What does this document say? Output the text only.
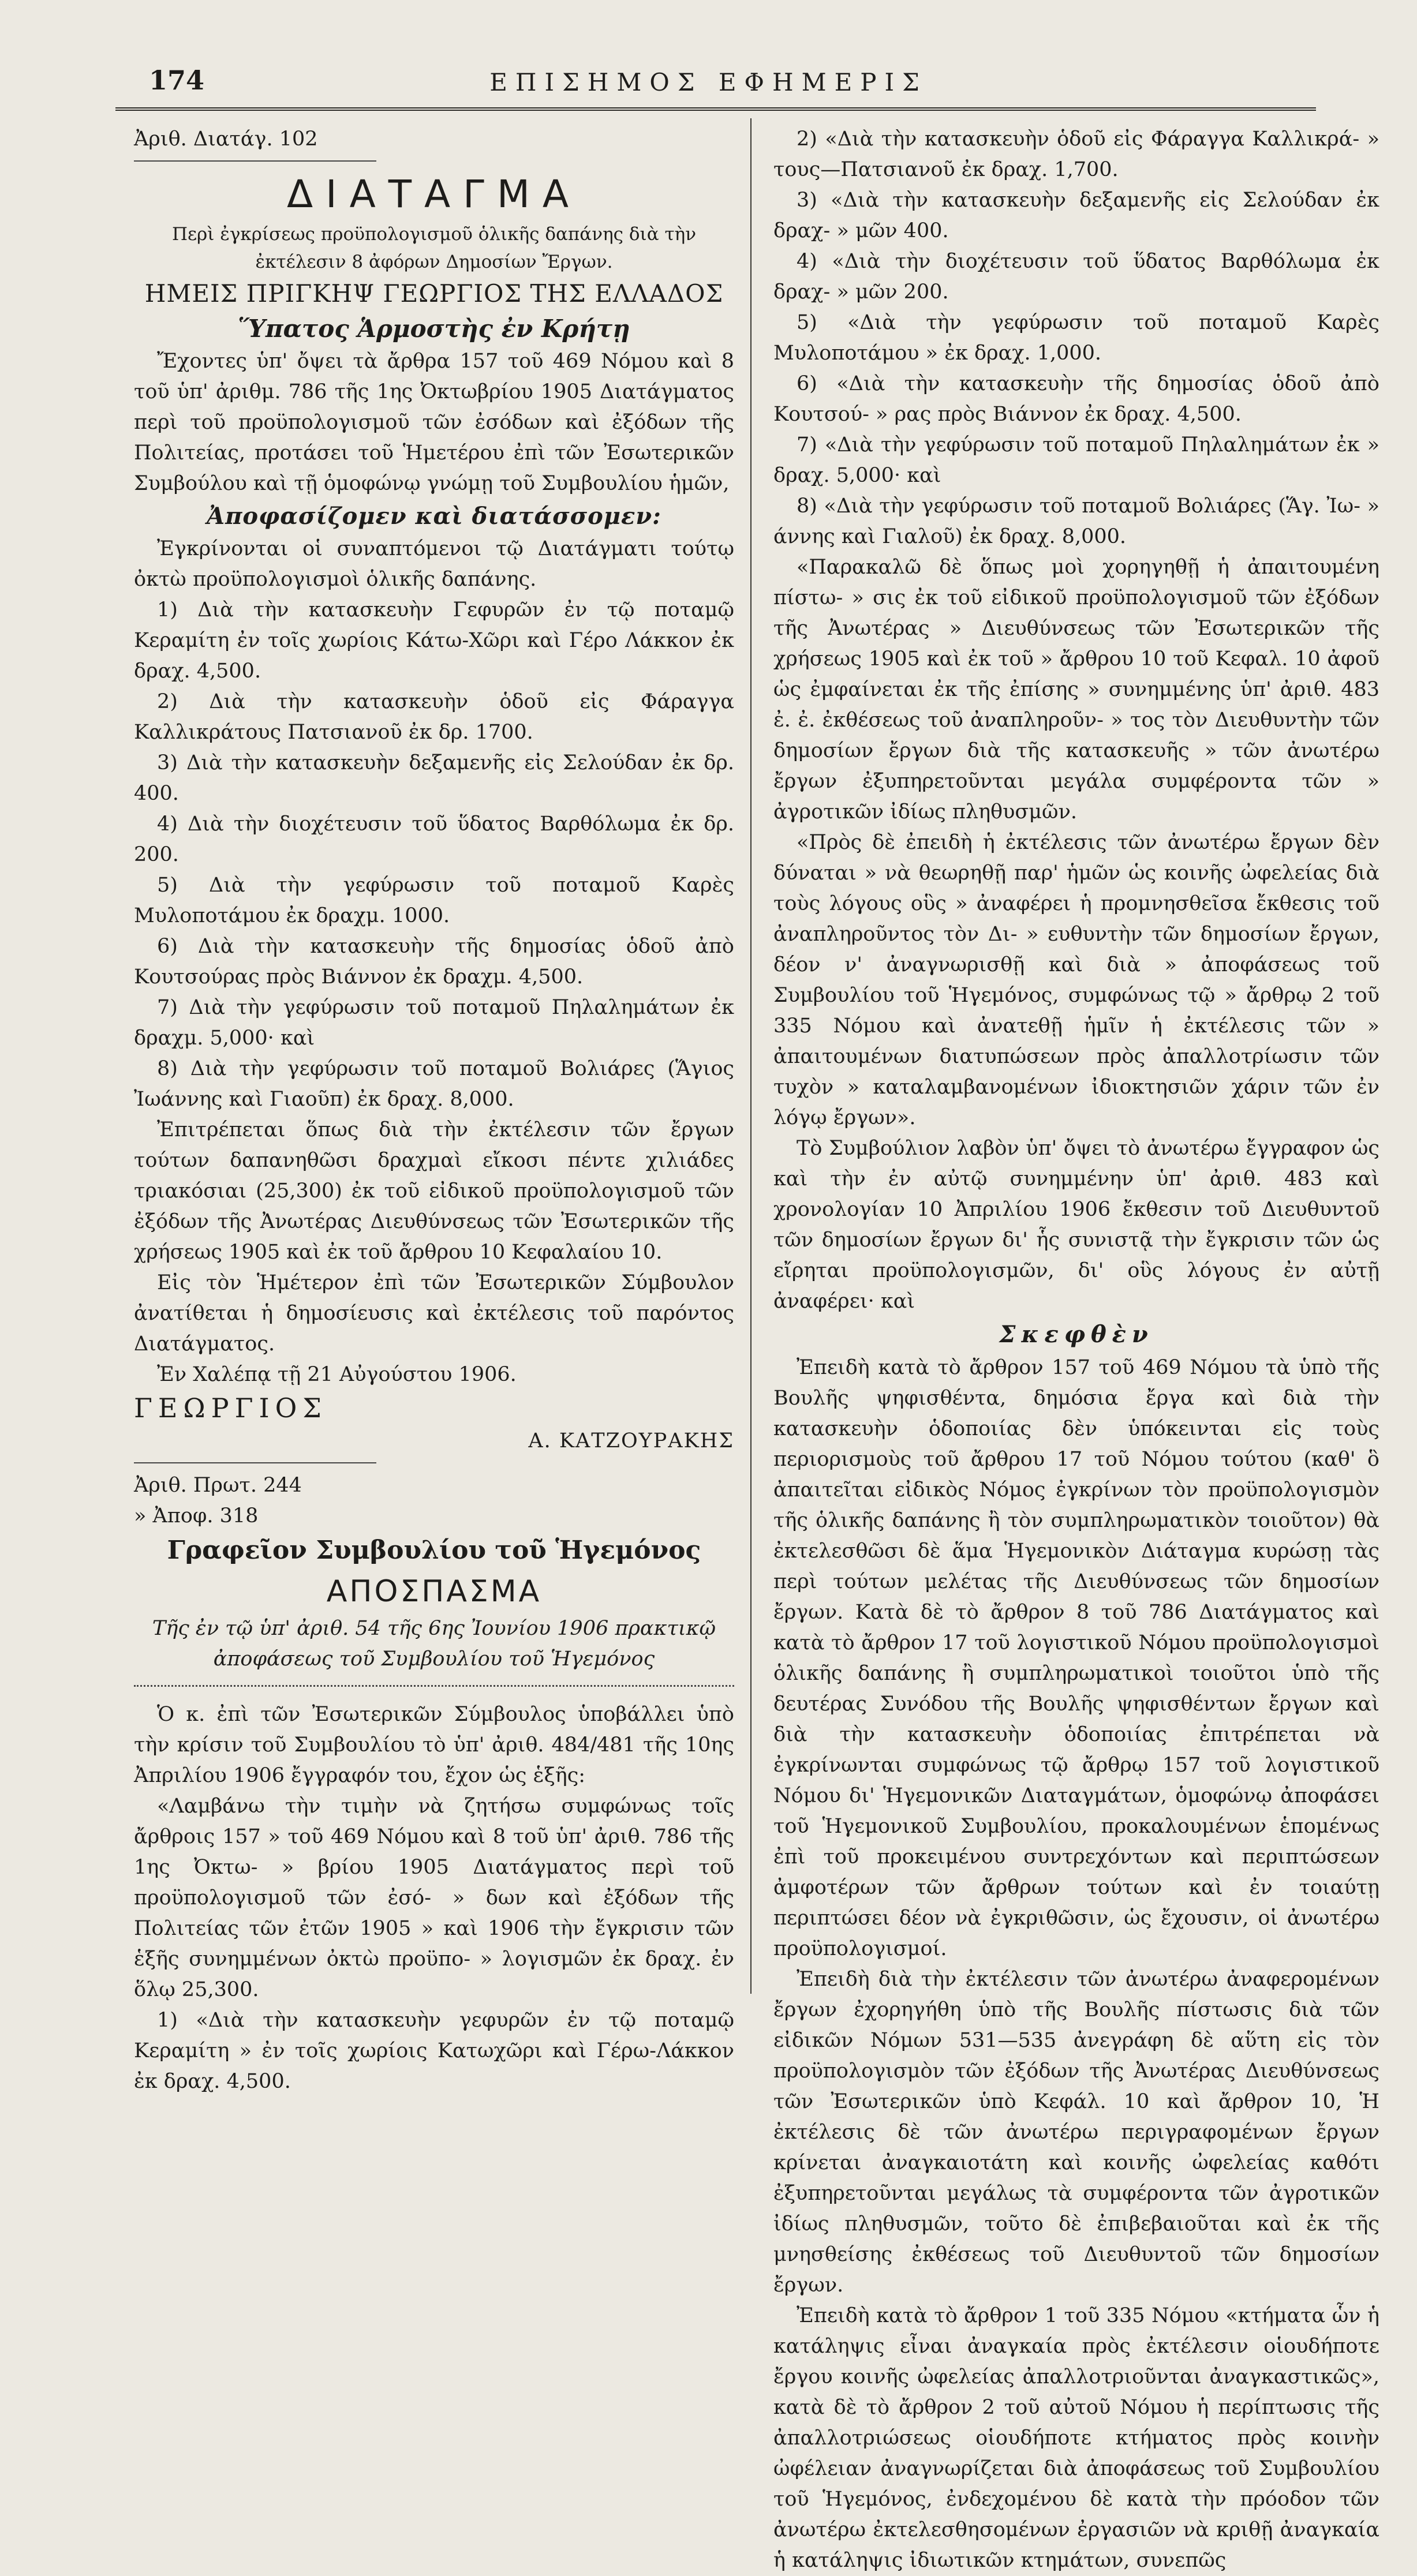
174	ΕΠΙΣΗΜΟΣ ΕΦΗΜΕΡΙΣ

Ἀριθ. Διατάγ. 102

ΔΙΑΤΑΓΜΑ

Περὶ ἐγκρίσεως προϋπολογισμοῦ ὁλικῆς δαπάνης διὰ τὴν ἐκτέλεσιν 8 ἀφόρων Δημοσίων Ἔργων.

ΗΜΕΙΣ ΠΡΙΓΚΗΨ ΓΕΩΡΓΙΟΣ ΤΗΣ ΕΛΛΑΔΟΣ

Ὕπατος Ἁρμοστὴς ἐν Κρήτῃ

Ἔχοντες ὑπ' ὄψει τὰ ἄρθρα 157 τοῦ 469 Νόμου καὶ 8 τοῦ ὑπ' ἀριθμ. 786 τῆς 1ης Ὀκτωβρίου 1905 Διατάγματος περὶ τοῦ προϋπολογισμοῦ τῶν ἐσόδων καὶ ἐξόδων τῆς Πολιτείας, προτάσει τοῦ Ἡμετέρου ἐπὶ τῶν Ἐσωτερικῶν Συμβούλου καὶ τῇ ὁμοφώνῳ γνώμῃ τοῦ Συμβουλίου ἡμῶν,

Ἀποφασίζομεν καὶ διατάσσομεν:

Ἐγκρίνονται οἱ συναπτόμενοι τῷ Διατάγματι τούτῳ ὀκτὼ προϋπολογισμοὶ ὁλικῆς δαπάνης.

1) Διὰ τὴν κατασκευὴν Γεφυρῶν ἐν τῷ ποταμῷ Κεραμίτη ἐν τοῖς χωρίοις Κάτω-Χῶρι καὶ Γέρο Λάκκον ἐκ δραχ. 4,500.

2) Διὰ τὴν κατασκευὴν ὁδοῦ εἰς Φάραγγα Καλλικράτους Πατσιανοῦ ἐκ δρ. 1700.

3) Διὰ τὴν κατασκευὴν δεξαμενῆς εἰς Σελούδαν ἐκ δρ. 400.

4) Διὰ τὴν διοχέτευσιν τοῦ ὕδατος Βαρθόλωμα ἐκ δρ. 200.

5) Διὰ τὴν γεφύρωσιν τοῦ ποταμοῦ Καρὲς Μυλοποτάμου ἐκ δραχμ. 1000.

6) Διὰ τὴν κατασκευὴν τῆς δημοσίας ὁδοῦ ἀπὸ Κουτσούρας πρὸς Βιάννον ἐκ δραχμ. 4,500.

7) Διὰ τὴν γεφύρωσιν τοῦ ποταμοῦ Πηλαλημάτων ἐκ δραχμ. 5,000· καὶ

8) Διὰ τὴν γεφύρωσιν τοῦ ποταμοῦ Βολιάρες (Ἅγιος Ἰωάννης καὶ Γιαοῦπ) ἐκ δραχ. 8,000.

Ἐπιτρέπεται ὅπως διὰ τὴν ἐκτέλεσιν τῶν ἔργων τούτων δαπανηθῶσι δραχμαὶ εἴκοσι πέντε χιλιάδες τριακόσιαι (25,300) ἐκ τοῦ εἰδικοῦ προϋπολογισμοῦ τῶν ἐξόδων τῆς Ἀνωτέρας Διευθύνσεως τῶν Ἐσωτερικῶν τῆς χρήσεως 1905 καὶ ἐκ τοῦ ἄρθρου 10 Κεφαλαίου 10.

Εἰς τὸν Ἡμέτερον ἐπὶ τῶν Ἐσωτερικῶν Σύμβουλον ἀνατίθεται ἡ δημοσίευσις καὶ ἐκτέλεσις τοῦ παρόντος Διατάγματος.

Ἐν Χαλέπᾳ τῇ 21 Αὐγούστου 1906.

ΓΕΩΡΓΙΟΣ

Α. ΚΑΤΖΟΥΡΑΚΗΣ

Ἀριθ. Πρωτ. 244

» Ἀποφ. 318

Γραφεῖον Συμβουλίου τοῦ Ἡγεμόνος

ΑΠΟΣΠΑΣΜΑ

Τῆς ἐν τῷ ὑπ' ἀριθ. 54 τῆς 6ης Ἰουνίου 1906 πρακτικῷ ἀποφάσεως τοῦ Συμβουλίου τοῦ Ἡγεμόνος

Ὁ κ. ἐπὶ τῶν Ἐσωτερικῶν Σύμβουλος ὑποβάλλει ὑπὸ τὴν κρίσιν τοῦ Συμβουλίου τὸ ὑπ' ἀριθ. 484/481 τῆς 10ης Ἀπριλίου 1906 ἔγγραφόν του, ἔχον ὡς ἑξῆς:

«Λαμβάνω τὴν τιμὴν νὰ ζητήσω συμφώνως τοῖς ἄρθροις 157 » τοῦ 469 Νόμου καὶ 8 τοῦ ὑπ' ἀριθ. 786 τῆς 1ης Ὀκτω- » βρίου 1905 Διατάγματος περὶ τοῦ προϋπολογισμοῦ τῶν ἐσό- » δων καὶ ἐξόδων τῆς Πολιτείας τῶν ἐτῶν 1905 » καὶ 1906 τὴν ἔγκρισιν τῶν ἑξῆς συνημμένων ὀκτὼ προϋπο- » λογισμῶν ἐκ δραχ. ἐν ὅλῳ 25,300.

1) «Διὰ τὴν κατασκευὴν γεφυρῶν ἐν τῷ ποταμῷ Κεραμίτη » ἐν τοῖς χωρίοις Κατωχῶρι καὶ Γέρω-Λάκκον ἐκ δραχ. 4,500.

2) «Διὰ τὴν κατασκευὴν ὁδοῦ εἰς Φάραγγα Καλλικρά- » τους—Πατσιανοῦ ἐκ δραχ. 1,700.

3) «Διὰ τὴν κατασκευὴν δεξαμενῆς εἰς Σελούδαν ἐκ δραχ- » μῶν 400.

4) «Διὰ τὴν διοχέτευσιν τοῦ ὕδατος Βαρθόλωμα ἐκ δραχ- » μῶν 200.

5) «Διὰ τὴν γεφύρωσιν τοῦ ποταμοῦ Καρὲς Μυλοποτάμου » ἐκ δραχ. 1,000.

6) «Διὰ τὴν κατασκευὴν τῆς δημοσίας ὁδοῦ ἀπὸ Κουτσού- » ρας πρὸς Βιάννον ἐκ δραχ. 4,500.

7) «Διὰ τὴν γεφύρωσιν τοῦ ποταμοῦ Πηλαλημάτων ἐκ » δραχ. 5,000· καὶ

8) «Διὰ τὴν γεφύρωσιν τοῦ ποταμοῦ Βολιάρες (Ἅγ. Ἰω- » άννης καὶ Γιαλοῦ) ἐκ δραχ. 8,000.

«Παρακαλῶ δὲ ὅπως μοὶ χορηγηθῇ ἡ ἀπαιτουμένη πίστω- » σις ἐκ τοῦ εἰδικοῦ προϋπολογισμοῦ τῶν ἐξόδων τῆς Ἀνωτέρας » Διευθύνσεως τῶν Ἐσωτερικῶν τῆς χρήσεως 1905 καὶ ἐκ τοῦ » ἄρθρου 10 τοῦ Κεφαλ. 10 ἀφοῦ ὡς ἐμφαίνεται ἐκ τῆς ἐπίσης » συνημμένης ὑπ' ἀριθ. 483 ἐ. ἐ. ἐκθέσεως τοῦ ἀναπληροῦν- » τος τὸν Διευθυντὴν τῶν δημοσίων ἔργων διὰ τῆς κατασκευῆς » τῶν ἀνωτέρω ἔργων ἐξυπηρετοῦνται μεγάλα συμφέροντα τῶν » ἀγροτικῶν ἰδίως πληθυσμῶν.

«Πρὸς δὲ ἐπειδὴ ἡ ἐκτέλεσις τῶν ἀνωτέρω ἔργων δὲν δύναται » νὰ θεωρηθῇ παρ' ἡμῶν ὡς κοινῆς ὠφελείας διὰ τοὺς λόγους οὓς » ἀναφέρει ἡ προμνησθεῖσα ἔκθεσις τοῦ ἀναπληροῦντος τὸν Δι- » ευθυντὴν τῶν δημοσίων ἔργων, δέον ν' ἀναγνωρισθῇ καὶ διὰ » ἀποφάσεως τοῦ Συμβουλίου τοῦ Ἡγεμόνος, συμφώνως τῷ » ἄρθρῳ 2 τοῦ 335 Νόμου καὶ ἀνατεθῇ ἡμῖν ἡ ἐκτέλεσις τῶν » ἀπαιτουμένων διατυπώσεων πρὸς ἀπαλλοτρίωσιν τῶν τυχὸν » καταλαμβανομένων ἰδιοκτησιῶν χάριν τῶν ἐν λόγῳ ἔργων».

Τὸ Συμβούλιον λαβὸν ὑπ' ὄψει τὸ ἀνωτέρω ἔγγραφον ὡς καὶ τὴν ἐν αὐτῷ συνημμένην ὑπ' ἀριθ. 483 καὶ χρονολογίαν 10 Ἀπριλίου 1906 ἔκθεσιν τοῦ Διευθυντοῦ τῶν δημοσίων ἔργων δι' ἧς συνιστᾷ τὴν ἔγκρισιν τῶν ὡς εἴρηται προϋπολογισμῶν, δι' οὓς λόγους ἐν αὐτῇ ἀναφέρει· καὶ

Σκεφθὲν

Ἐπειδὴ κατὰ τὸ ἄρθρον 157 τοῦ 469 Νόμου τὰ ὑπὸ τῆς Βουλῆς ψηφισθέντα, δημόσια ἔργα καὶ διὰ τὴν κατασκευὴν ὁδοποιίας δὲν ὑπόκεινται εἰς τοὺς περιορισμοὺς τοῦ ἄρθρου 17 τοῦ Νόμου τούτου (καθ' ὃ ἀπαιτεῖται εἰδικὸς Νόμος ἐγκρίνων τὸν προϋπολογισμὸν τῆς ὁλικῆς δαπάνης ἢ τὸν συμπληρωματικὸν τοιοῦτον) θὰ ἐκτελεσθῶσι δὲ ἅμα Ἡγεμονικὸν Διάταγμα κυρώσῃ τὰς περὶ τούτων μελέτας τῆς Διευθύνσεως τῶν δημοσίων ἔργων. Κατὰ δὲ τὸ ἄρθρον 8 τοῦ 786 Διατάγματος καὶ κατὰ τὸ ἄρθρον 17 τοῦ λογιστικοῦ Νόμου προϋπολογισμοὶ ὁλικῆς δαπάνης ἢ συμπληρωματικοὶ τοιοῦτοι ὑπὸ τῆς δευτέρας Συνόδου τῆς Βουλῆς ψηφισθέντων ἔργων καὶ διὰ τὴν κατασκευὴν ὁδοποιίας ἐπιτρέπεται νὰ ἐγκρίνωνται συμφώνως τῷ ἄρθρῳ 157 τοῦ λογιστικοῦ Νόμου δι' Ἡγεμονικῶν Διαταγμάτων, ὁμοφώνῳ ἀποφάσει τοῦ Ἡγεμονικοῦ Συμβουλίου, προκαλουμένων ἑπομένως ἐπὶ τοῦ προκειμένου συντρεχόντων καὶ περιπτώσεων ἀμφοτέρων τῶν ἄρθρων τούτων καὶ ἐν τοιαύτῃ περιπτώσει δέον νὰ ἐγκριθῶσιν, ὡς ἔχουσιν, οἱ ἀνωτέρω προϋπολογισμοί.

Ἐπειδὴ διὰ τὴν ἐκτέλεσιν τῶν ἀνωτέρω ἀναφερομένων ἔργων ἐχορηγήθη ὑπὸ τῆς Βουλῆς πίστωσις διὰ τῶν εἰδικῶν Νόμων 531—535 ἀνεγράφη δὲ αὕτη εἰς τὸν προϋπολογισμὸν τῶν ἐξόδων τῆς Ἀνωτέρας Διευθύνσεως τῶν Ἐσωτερικῶν ὑπὸ Κεφάλ. 10 καὶ ἄρθρον 10, Ἡ ἐκτέλεσις δὲ τῶν ἀνωτέρω περιγραφομένων ἔργων κρίνεται ἀναγκαιοτάτη καὶ κοινῆς ὠφελείας καθότι ἐξυπηρετοῦνται μεγάλως τὰ συμφέροντα τῶν ἀγροτικῶν ἰδίως πληθυσμῶν, τοῦτο δὲ ἐπιβεβαιοῦται καὶ ἐκ τῆς μνησθείσης ἐκθέσεως τοῦ Διευθυντοῦ τῶν δημοσίων ἔργων.

Ἐπειδὴ κατὰ τὸ ἄρθρον 1 τοῦ 335 Νόμου «κτήματα ὧν ἡ κατάληψις εἶναι ἀναγκαία πρὸς ἐκτέλεσιν οἱουδήποτε ἔργου κοινῆς ὠφελείας ἀπαλλοτριοῦνται ἀναγκαστικῶς», κατὰ δὲ τὸ ἄρθρον 2 τοῦ αὐτοῦ Νόμου ἡ περίπτωσις τῆς ἀπαλλοτριώσεως οἱουδήποτε κτήματος πρὸς κοινὴν ὠφέλειαν ἀναγνωρίζεται διὰ ἀποφάσεως τοῦ Συμβουλίου τοῦ Ἡγεμόνος, ἐνδεχομένου δὲ κατὰ τὴν πρόοδον τῶν ἀνωτέρω ἐκτελεσθησομένων ἐργασιῶν νὰ κριθῇ ἀναγκαία ἡ κατάληψις ἰδιωτικῶν κτημάτων, συνεπῶς
